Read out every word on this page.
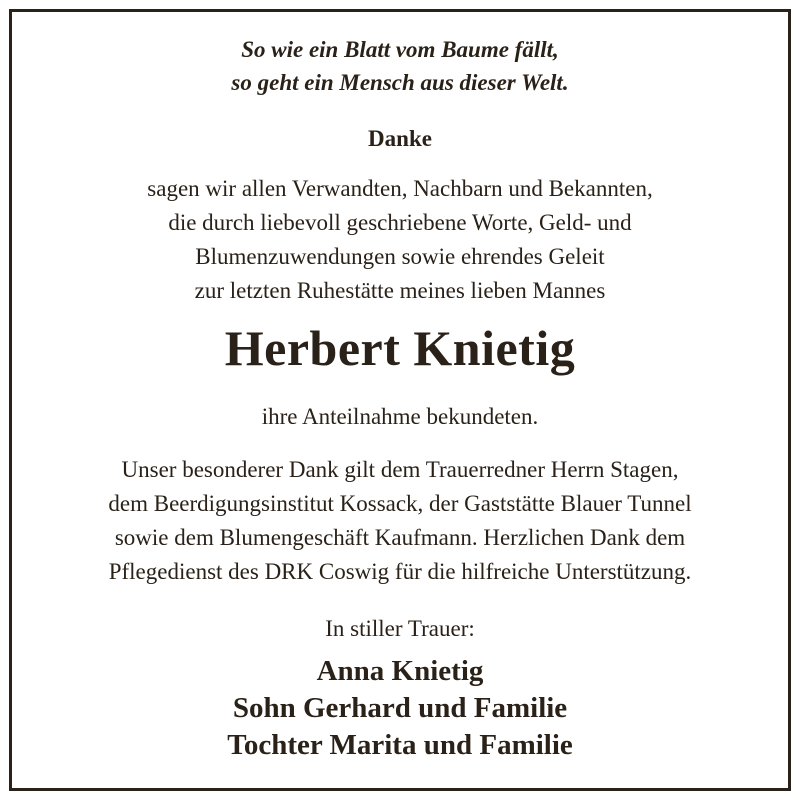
So wie ein Blatt vom Baume fällt,

so geht ein Mensch aus dieser Welt.

Danke

sagen wir allen Verwandten, Nachbarn und Bekannten,

die durch liebevoll geschriebene Worte, Geld- und

Blumenzuwendungen sowie ehrendes Geleit

zur letzten Ruhestätte meines lieben Mannes

Herbert Knietig

ihre Anteilnahme bekundeten.

Unser besonderer Dank gilt dem Trauerredner Herrn Stagen,

dem Beerdigungsinstitut Kossack, der Gaststätte Blauer Tunnel

sowie dem Blumengeschäft Kaufmann. Herzlichen Dank dem

Pflegedienst des DRK Coswig für die hilfreiche Unterstützung.

In stiller Trauer:

Anna Knietig

Sohn Gerhard und Familie

Tochter Marita und Familie
